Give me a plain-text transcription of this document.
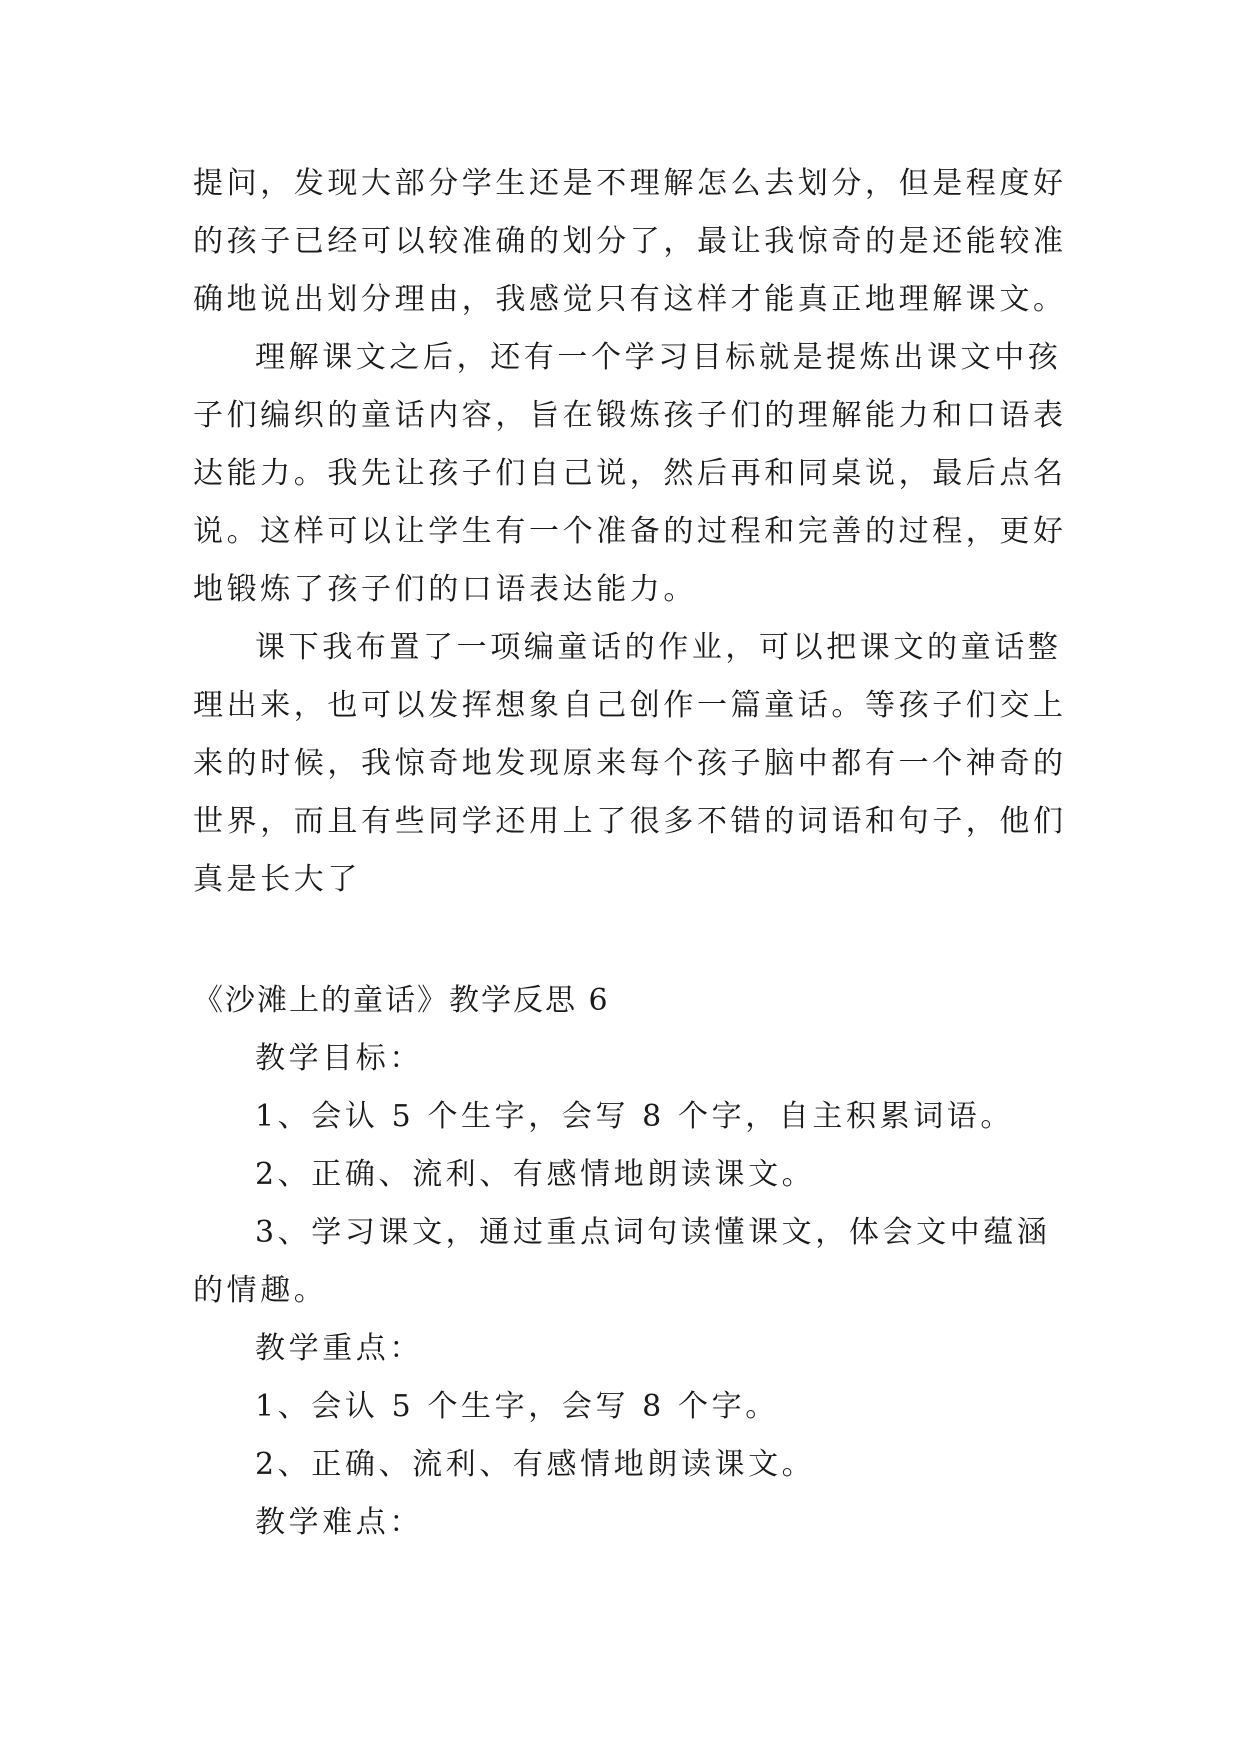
提问，发现大部分学生还是不理解怎么去划分，但是程度好
的孩子已经可以较准确的划分了，最让我惊奇的是还能较准
确地说出划分理由，我感觉只有这样才能真正地理解课文。
理解课文之后，还有一个学习目标就是提炼出课文中孩
子们编织的童话内容，旨在锻炼孩子们的理解能力和口语表
达能力。我先让孩子们自己说，然后再和同桌说，最后点名
说。这样可以让学生有一个准备的过程和完善的过程，更好
地锻炼了孩子们的口语表达能力。
课下我布置了一项编童话的作业，可以把课文的童话整
理出来，也可以发挥想象自己创作一篇童话。等孩子们交上
来的时候，我惊奇地发现原来每个孩子脑中都有一个神奇的
世界，而且有些同学还用上了很多不错的词语和句子，他们
真是长大了
《沙滩上的童话》教学反思 6
教学目标：
1、会认 5 个生字，会写 8 个字，自主积累词语。
2、正确、流利、有感情地朗读课文。
3、学习课文，通过重点词句读懂课文，体会文中蕴涵
的情趣。
教学重点：
1、会认 5 个生字，会写 8 个字。
2、正确、流利、有感情地朗读课文。
教学难点：
